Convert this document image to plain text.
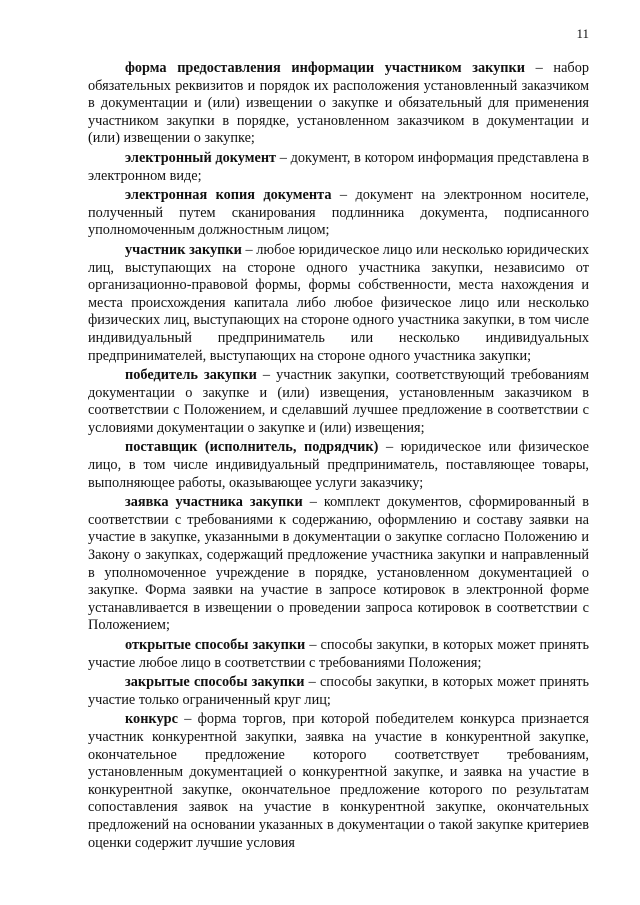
11

форма предоставления информации участником закупки – набор обязательных реквизитов и порядок их расположения установленный заказчиком в документации и (или) извещении о закупке и обязательный для применения участником закупки в порядке, установленном заказчиком в документации и (или) извещении о закупке;

электронный документ – документ, в котором информация представлена в электронном виде;

электронная копия документа – документ на электронном носителе, полученный путем сканирования подлинника документа, подписанного уполномоченным должностным лицом;

участник закупки – любое юридическое лицо или несколько юридических лиц, выступающих на стороне одного участника закупки, независимо от организационно-правовой формы, формы собственности, места нахождения и места происхождения капитала либо любое физическое лицо или несколько физических лиц, выступающих на стороне одного участника закупки, в том числе индивидуальный предприниматель или несколько индивидуальных предпринимателей, выступающих на стороне одного участника закупки;

победитель закупки – участник закупки, соответствующий требованиям документации о закупке и (или) извещения, установленным заказчиком в соответствии с Положением, и сделавший лучшее предложение в соответствии с условиями документации о закупке и (или) извещения;

поставщик (исполнитель, подрядчик) – юридическое или физическое лицо, в том числе индивидуальный предприниматель, поставляющее товары, выполняющее работы, оказывающее услуги заказчику;

заявка участника закупки – комплект документов, сформированный в соответствии с требованиями к содержанию, оформлению и составу заявки на участие в закупке, указанными в документации о закупке согласно Положению и Закону о закупках, содержащий предложение участника закупки и направленный в уполномоченное учреждение в порядке, установленном документацией о закупке. Форма заявки на участие в запросе котировок в электронной форме устанавливается в извещении о проведении запроса котировок в соответствии с Положением;

открытые способы закупки – способы закупки, в которых может принять участие любое лицо в соответствии с требованиями Положения;

закрытые способы закупки – способы закупки, в которых может принять участие только ограниченный круг лиц;

конкурс – форма торгов, при которой победителем конкурса признается участник конкурентной закупки, заявка на участие в конкурентной закупке, окончательное предложение которого соответствует требованиям, установленным документацией о конкурентной закупке, и заявка на участие в конкурентной закупке, окончательное предложение которого по результатам сопоставления заявок на участие в конкурентной закупке, окончательных предложений на основании указанных в документации о такой закупке критериев оценки содержит лучшие условия
